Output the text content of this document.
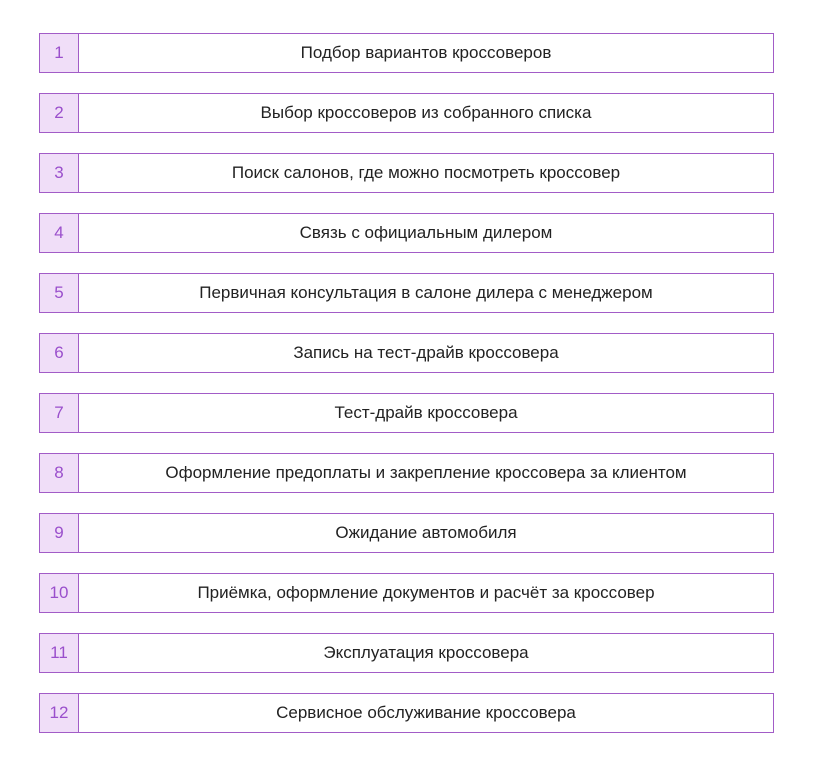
1	Подбор вариантов кроссоверов
2	Выбор кроссоверов из собранного списка
3	Поиск салонов, где можно посмотреть кроссовер
4	Связь с официальным дилером
5	Первичная консультация в салоне дилера с менеджером
6	Запись на тест-драйв кроссовера
7	Тест-драйв кроссовера
8	Оформление предоплаты и закрепление кроссовера за клиентом
9	Ожидание автомобиля
10	Приёмка, оформление документов и расчёт за кроссовер
11	Эксплуатация кроссовера
12	Сервисное обслуживание кроссовера
